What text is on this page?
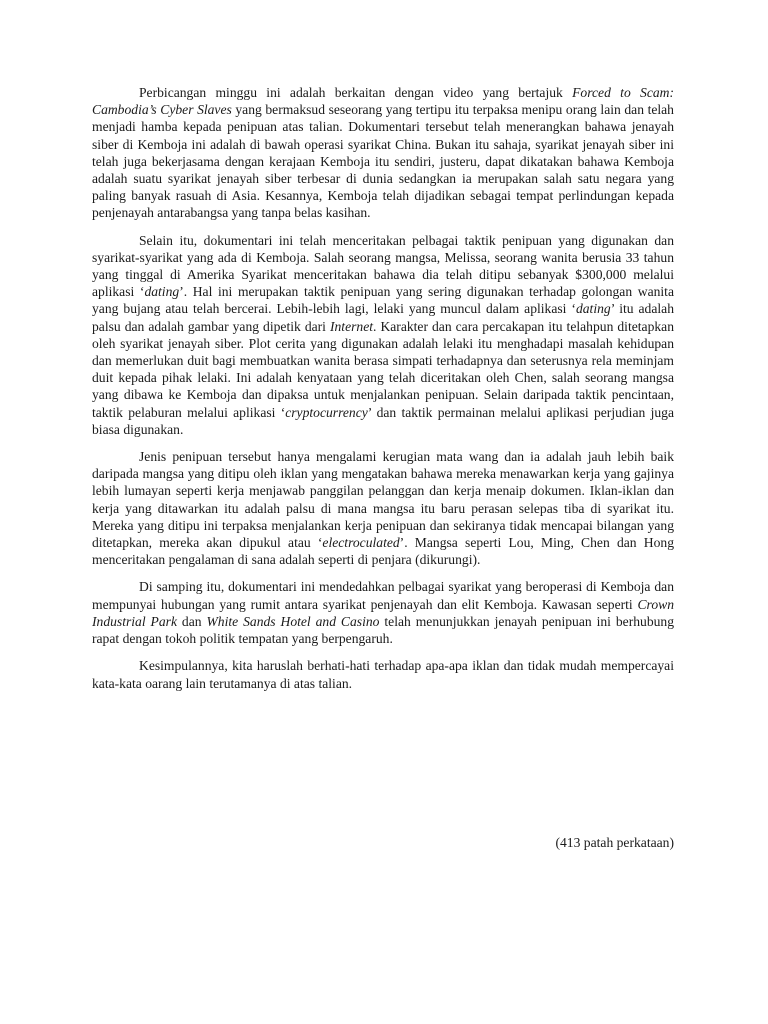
Perbicangan minggu ini adalah berkaitan dengan video yang bertajuk Forced to Scam: Cambodia’s Cyber Slaves yang bermaksud seseorang yang tertipu itu terpaksa menipu orang lain dan telah menjadi hamba kepada penipuan atas talian. Dokumentari tersebut telah menerangkan bahawa jenayah siber di Kemboja ini adalah di bawah operasi syarikat China. Bukan itu sahaja, syarikat jenayah siber ini telah juga bekerjasama dengan kerajaan Kemboja itu sendiri, justeru, dapat dikatakan bahawa Kemboja adalah suatu syarikat jenayah siber terbesar di dunia sedangkan ia merupakan salah satu negara yang paling banyak rasuah di Asia. Kesannya, Kemboja telah dijadikan sebagai tempat perlindungan kepada penjenayah antarabangsa yang tanpa belas kasihan.

Selain itu, dokumentari ini telah menceritakan pelbagai taktik penipuan yang digunakan dan syarikat-syarikat yang ada di Kemboja. Salah seorang mangsa, Melissa, seorang wanita berusia 33 tahun yang tinggal di Amerika Syarikat menceritakan bahawa dia telah ditipu sebanyak $300,000 melalui aplikasi ‘dating’. Hal ini merupakan taktik penipuan yang sering digunakan terhadap golongan wanita yang bujang atau telah bercerai. Lebih-lebih lagi, lelaki yang muncul dalam aplikasi ‘dating’ itu adalah palsu dan adalah gambar yang dipetik dari Internet. Karakter dan cara percakapan itu telahpun ditetapkan oleh syarikat jenayah siber. Plot cerita yang digunakan adalah lelaki itu menghadapi masalah kehidupan dan memerlukan duit bagi membuatkan wanita berasa simpati terhadapnya dan seterusnya rela meminjam duit kepada pihak lelaki. Ini adalah kenyataan yang telah diceritakan oleh Chen, salah seorang mangsa yang dibawa ke Kemboja dan dipaksa untuk menjalankan penipuan. Selain daripada taktik pencintaan, taktik pelaburan melalui aplikasi ‘cryptocurrency’ dan taktik permainan melalui aplikasi perjudian juga biasa digunakan.

Jenis penipuan tersebut hanya mengalami kerugian mata wang dan ia adalah jauh lebih baik daripada mangsa yang ditipu oleh iklan yang mengatakan bahawa mereka menawarkan kerja yang gajinya lebih lumayan seperti kerja menjawab panggilan pelanggan dan kerja menaip dokumen. Iklan-iklan dan kerja yang ditawarkan itu adalah palsu di mana mangsa itu baru perasan selepas tiba di syarikat itu. Mereka yang ditipu ini terpaksa menjalankan kerja penipuan dan sekiranya tidak mencapai bilangan yang ditetapkan, mereka akan dipukul atau ‘electroculated’. Mangsa seperti Lou, Ming, Chen dan Hong menceritakan pengalaman di sana adalah seperti di penjara (dikurungi).

Di samping itu, dokumentari ini mendedahkan pelbagai syarikat yang beroperasi di Kemboja dan mempunyai hubungan yang rumit antara syarikat penjenayah dan elit Kemboja. Kawasan seperti Crown Industrial Park dan White Sands Hotel and Casino telah menunjukkan jenayah penipuan ini berhubung rapat dengan tokoh politik tempatan yang berpengaruh.

Kesimpulannya, kita haruslah berhati-hati terhadap apa-apa iklan dan tidak mudah mempercayai kata-kata oarang lain terutamanya di atas talian.

(413 patah perkataan)
